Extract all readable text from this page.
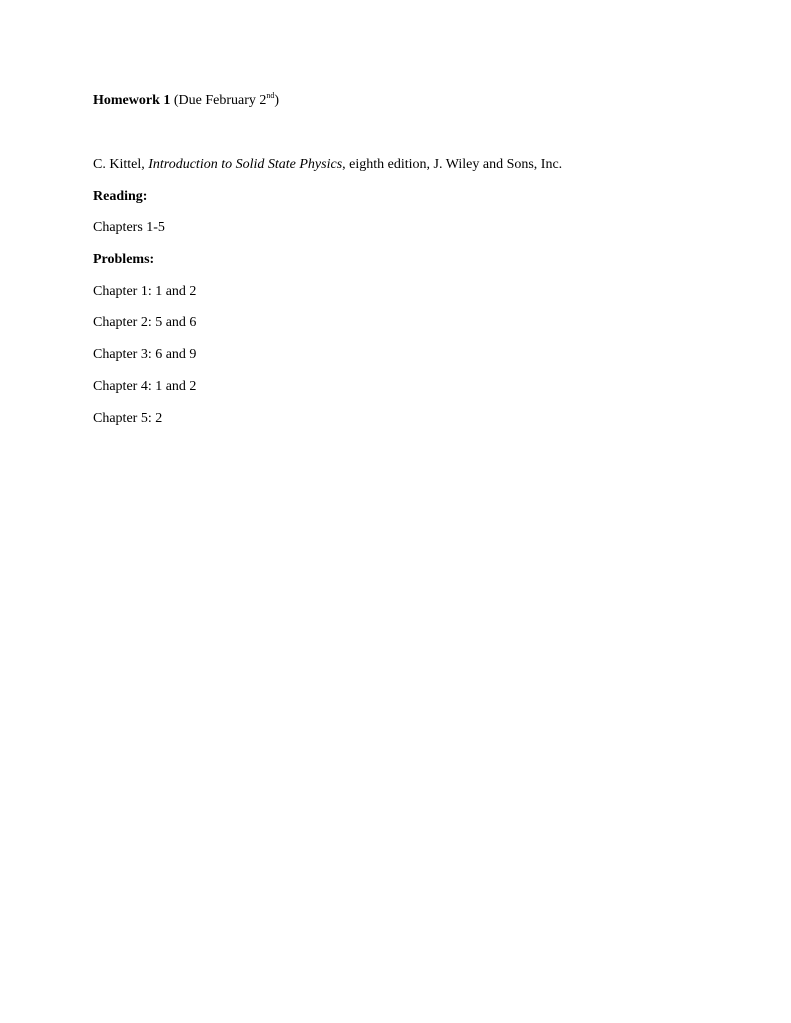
Homework 1 (Due February 2nd)
C. Kittel, Introduction to Solid State Physics, eighth edition, J. Wiley and Sons, Inc.
Reading:
Chapters 1-5
Problems:
Chapter 1: 1 and 2
Chapter 2: 5 and 6
Chapter 3: 6 and 9
Chapter 4: 1 and 2
Chapter 5: 2
